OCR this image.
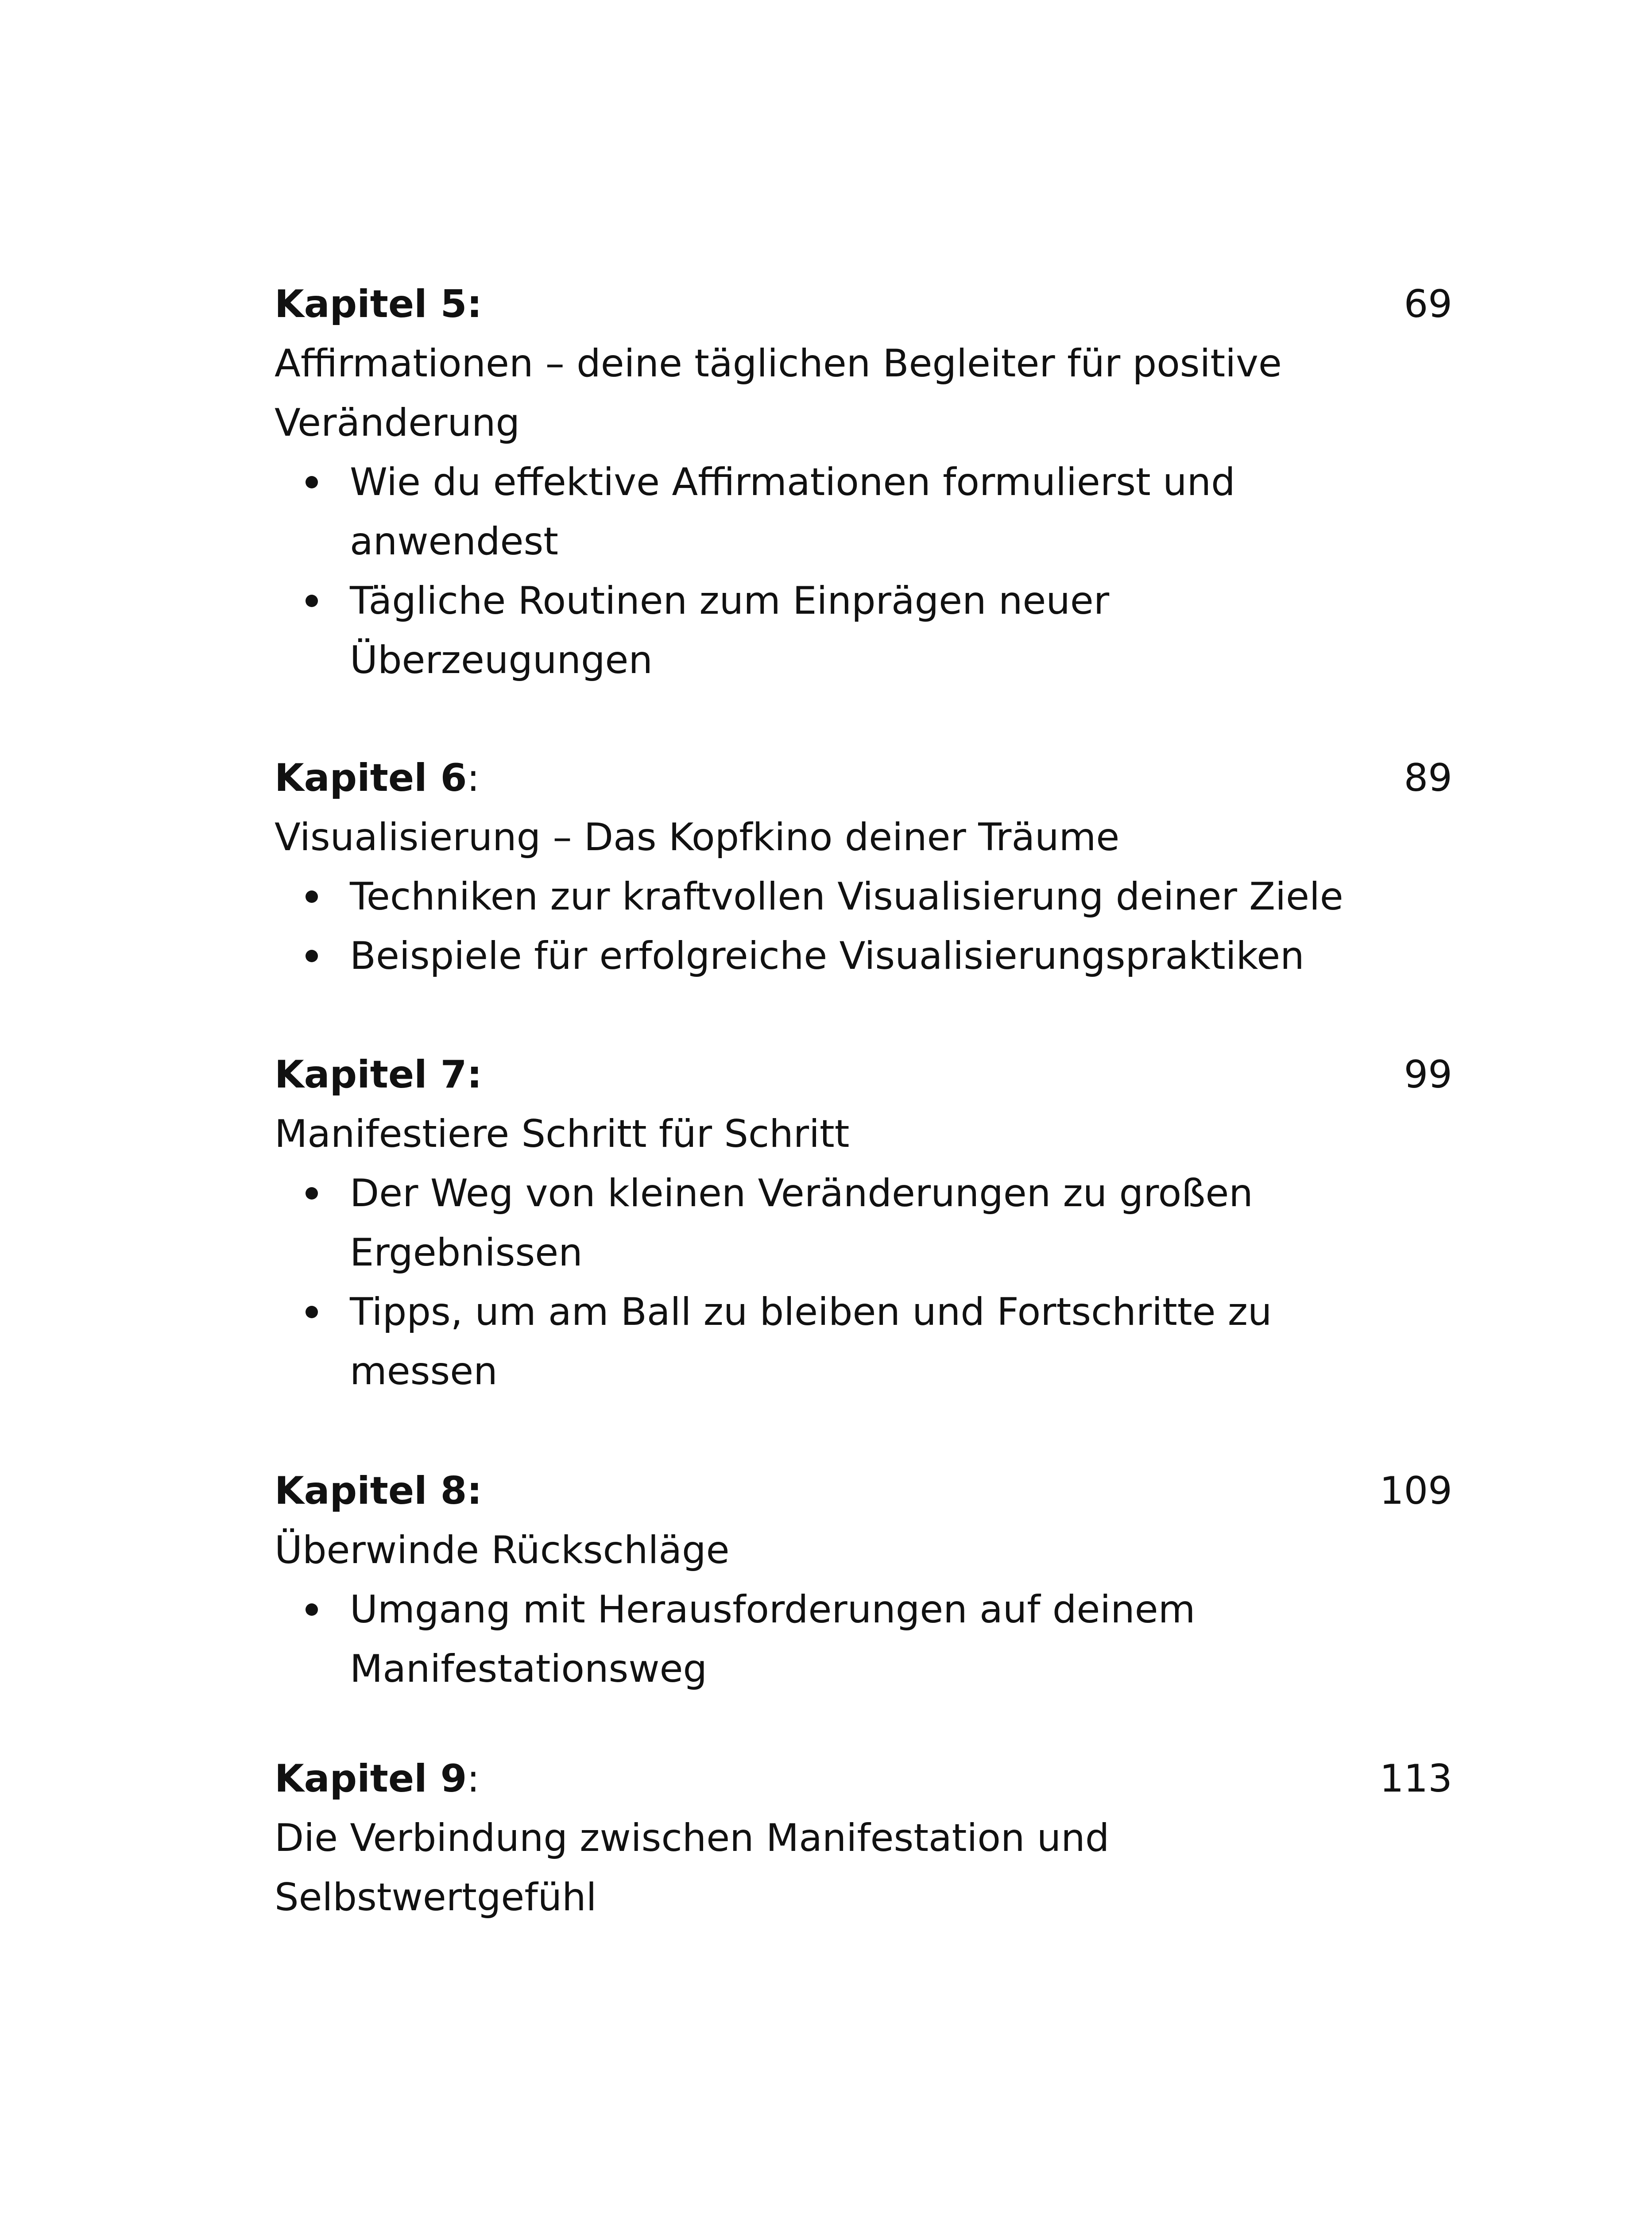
Kapitel 5:	69

Affirmationen – deine täglichen Begleiter für positive Veränderung

Wie du effektive Affirmationen formulierst und anwendest
Tägliche Routinen zum Einprägen neuer Überzeugungen
Kapitel 6:	89

Visualisierung – Das Kopfkino deiner Träume

Techniken zur kraftvollen Visualisierung deiner Ziele
Beispiele für erfolgreiche Visualisierungspraktiken
Kapitel 7:	99

Manifestiere Schritt für Schritt

Der Weg von kleinen Veränderungen zu großen Ergebnissen
Tipps, um am Ball zu bleiben und Fortschritte zu messen
Kapitel 8:	109

Überwinde Rückschläge

Umgang mit Herausforderungen auf deinem Manifestationsweg
Kapitel 9:	113

Die Verbindung zwischen Manifestation und Selbstwertgefühl
